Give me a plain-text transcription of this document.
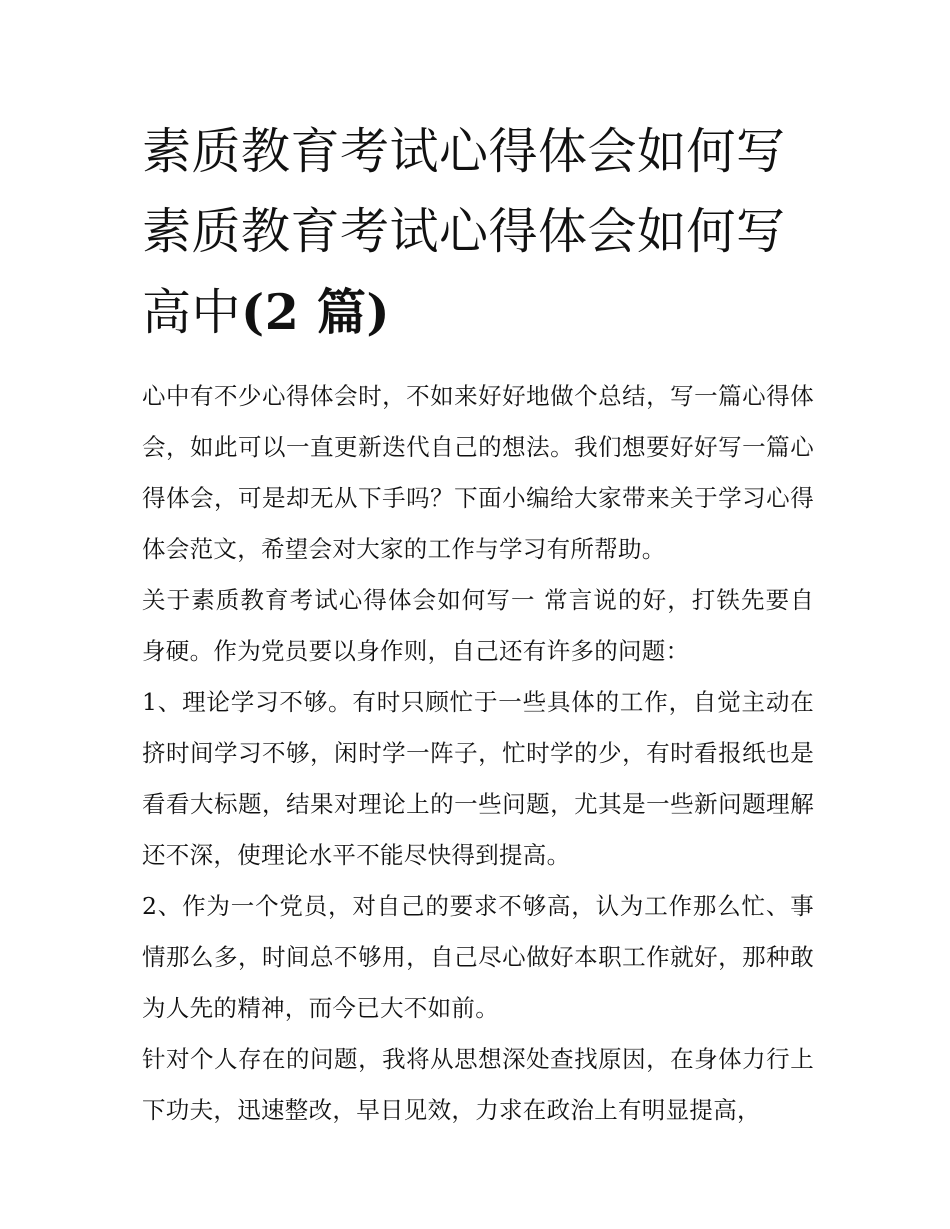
素质教育考试心得体会如何写
素质教育考试心得体会如何写
高中(2 篇)

心中有不少心得体会时，不如来好好地做个总结，写一篇心得体会，如此可以一直更新迭代自己的想法。我们想要好好写一篇心得体会，可是却无从下手吗？下面小编给大家带来关于学习心得体会范文，希望会对大家的工作与学习有所帮助。

关于素质教育考试心得体会如何写一 常言说的好，打铁先要自身硬。作为党员要以身作则，自己还有许多的问题：

1、理论学习不够。有时只顾忙于一些具体的工作，自觉主动在挤时间学习不够，闲时学一阵子，忙时学的少，有时看报纸也是看看大标题，结果对理论上的一些问题，尤其是一些新问题理解还不深，使理论水平不能尽快得到提高。

2、作为一个党员，对自己的要求不够高，认为工作那么忙、事情那么多，时间总不够用，自己尽心做好本职工作就好，那种敢为人先的精神，而今已大不如前。

针对个人存在的问题，我将从思想深处查找原因，在身体力行上下功夫，迅速整改，早日见效，力求在政治上有明显提高，
